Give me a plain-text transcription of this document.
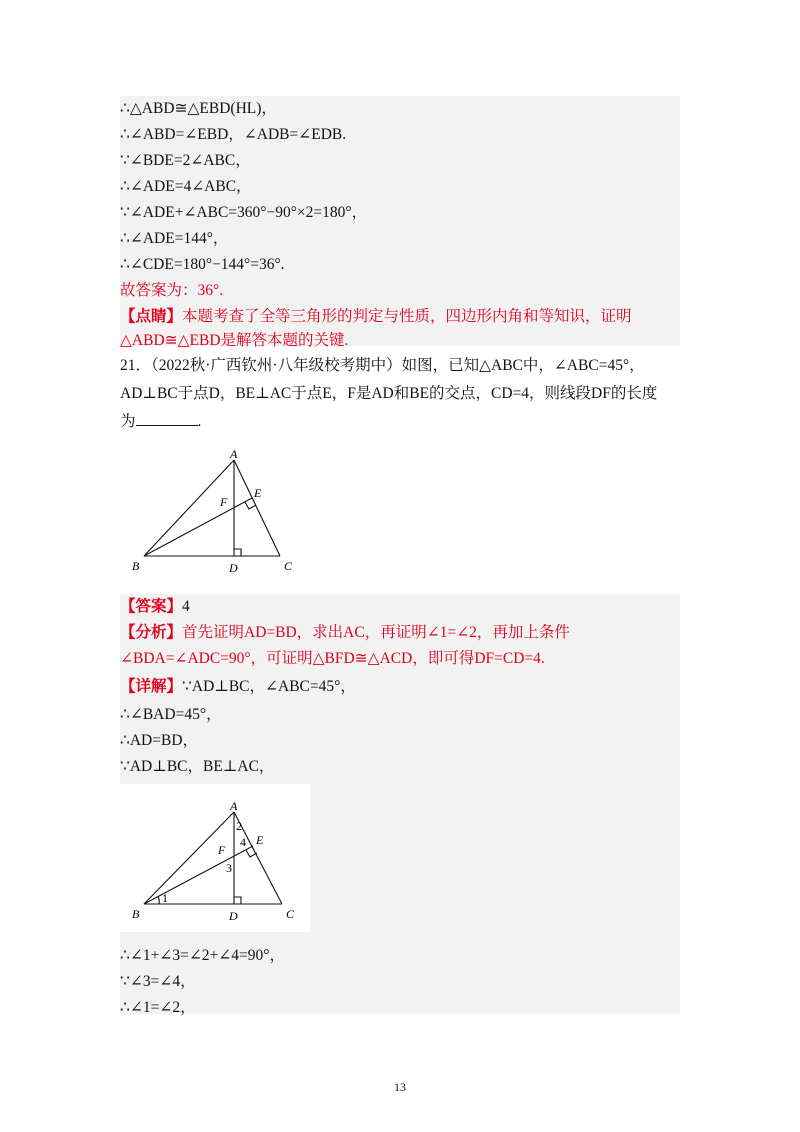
∴△ABD≅△EBD(HL)，
∴∠ABD=∠EBD，∠ADB=∠EDB.
∵∠BDE=2∠ABC，
∴∠ADE=4∠ABC，
∵∠ADE+∠ABC=360°−90°×2=180°，
∴∠ADE=144°，
∴∠CDE=180°−144°=36°.
故答案为：36°.
【点睛】本题考查了全等三角形的判定与性质，四边形内角和等知识，证明
△ABD≅△EBD是解答本题的关键.
21．（2022秋·广西钦州·八年级校考期中）如图，已知△ABC中，∠ABC=45°，
AD⊥BC于点D，BE⊥AC于点E，F是AD和BE的交点，CD=4，则线段DF的长度
为	.
A
B	C
D
E
F
【答案】4
【分析】首先证明AD=BD，求出AC，再证明∠1=∠2，再加上条件
∠BDA=∠ADC=90°，可证明△BFD≅△ACD，即可得DF=CD=4.
【详解】∵AD⊥BC，∠ABC=45°，
∴∠BAD=45°，
∴AD=BD，
∵AD⊥BC，BE⊥AC，
A
B	C
D
E
F
1
2
3
4
∴∠1+∠3=∠2+∠4=90°，
∵∠3=∠4，
∴∠1=∠2，
13
